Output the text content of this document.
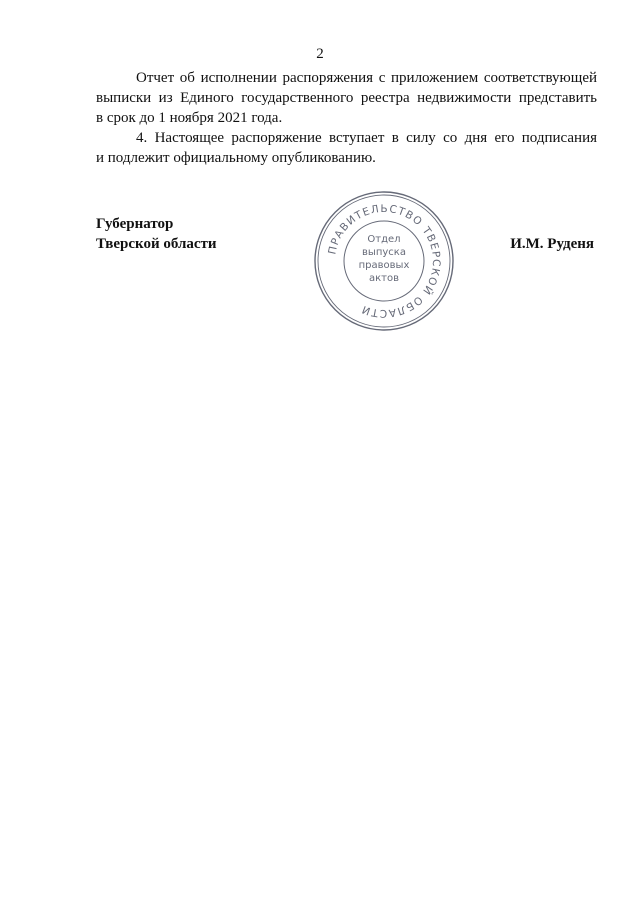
2
Отчет об исполнении распоряжения с приложением соответствующей
выписки из Единого государственного реестра недвижимости представить
в срок до 1 ноября 2021 года.
4. Настоящее распоряжение вступает в силу со дня его подписания
и подлежит официальному опубликованию.
Губернатор
Тверской области	И.М. Руденя
ПРАВИТЕЛЬСТВО ТВЕРСКОЙ ОБЛАСТИ
Отдел
выпуска
правовых
актов
